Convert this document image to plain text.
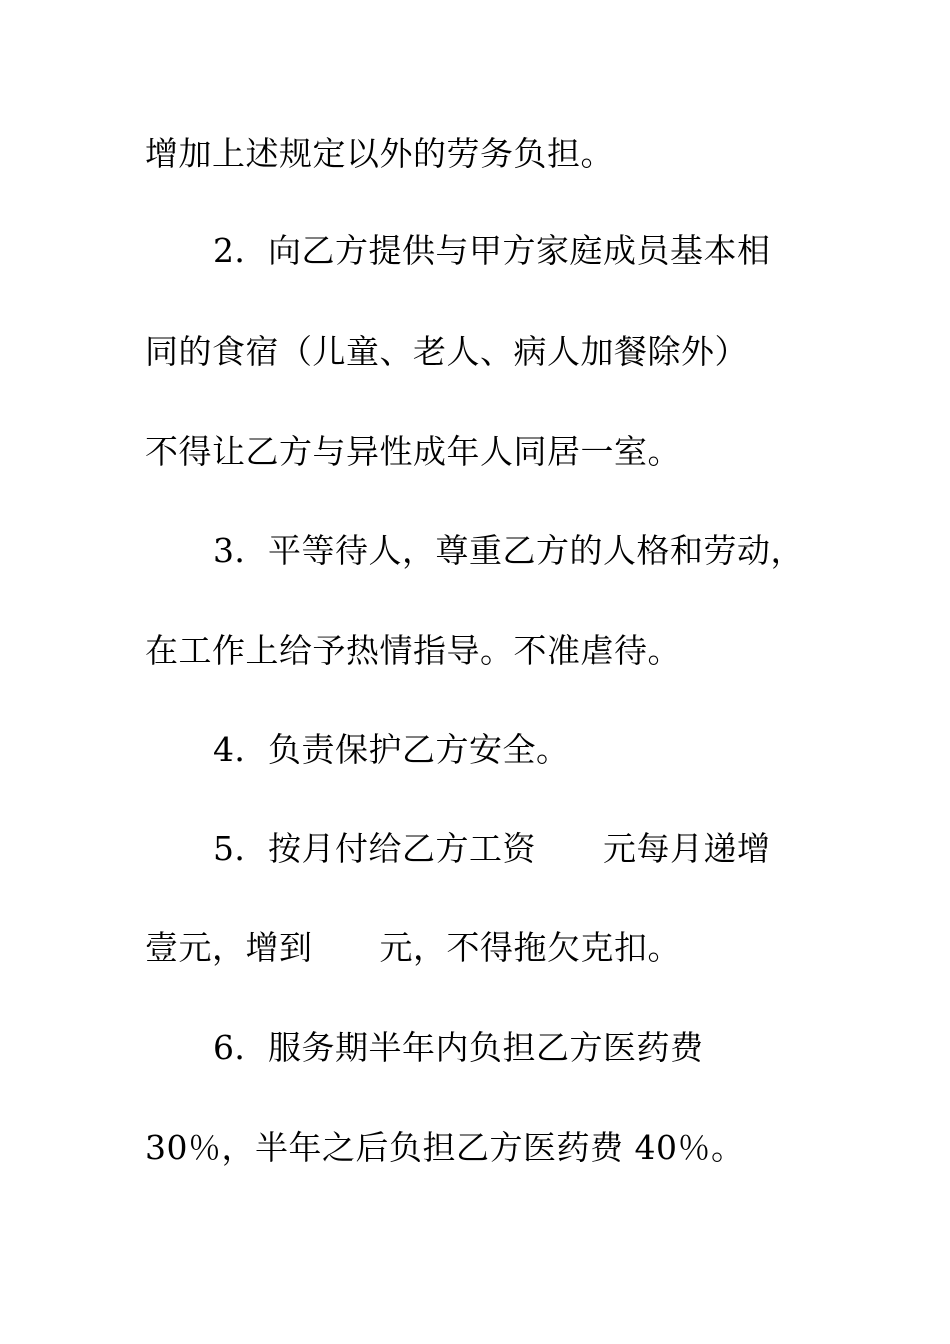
增加上述规定以外的劳务负担。
2．向乙方提供与甲方家庭成员基本相
同的食宿（儿童、老人、病人加餐除外）
不得让乙方与异性成年人同居一室。
3．平等待人，尊重乙方的人格和劳动，
在工作上给予热情指导。不准虐待。
4．负责保护乙方安全。
5．按月付给乙方工资　　元每月递增
壹元，增到　　元，不得拖欠克扣。
6．服务期半年内负担乙方医药费
30％，半年之后负担乙方医药费 40％。
